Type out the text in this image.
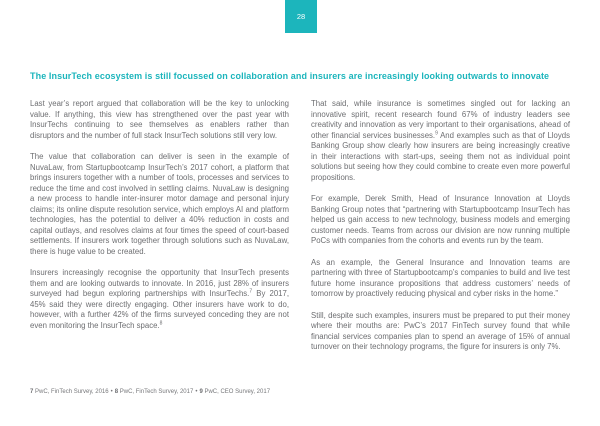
28
The InsurTech ecosystem is still focussed on collaboration and insurers are increasingly looking outwards to innovate

Last year’s report argued that collaboration will be the key to unlocking value. If anything, this view has strengthened over the past year with InsurTechs continuing to see themselves as enablers rather than disruptors and the number of full stack InsurTech solutions still very low.

The value that collaboration can deliver is seen in the example of NuvaLaw, from Startupbootcamp InsurTech’s 2017 cohort, a platform that brings insurers together with a number of tools, processes and services to reduce the time and cost involved in settling claims. NuvaLaw is designing a new process to handle inter-insurer motor damage and personal injury claims; its online dispute resolution service, which employs AI and platform technologies, has the potential to deliver a 40% reduction in costs and capital outlays, and resolves claims at four times the speed of court-based settlements. If insurers work together through solutions such as NuvaLaw, there is huge value to be created.

Insurers increasingly recognise the opportunity that InsurTech presents them and are looking outwards to innovate. In 2016, just 28% of insurers surveyed had begun exploring partnerships with InsurTechs.$^7$ By 2017, 45% said they were directly engaging. Other insurers have work to do, however, with a further 42% of the firms surveyed conceding they are not even monitoring the InsurTech space.$^8$

That said, while insurance is sometimes singled out for lacking an innovative spirit, recent research found 67% of industry leaders see creativity and innovation as very important to their organisations, ahead of other financial services businesses.$^9$ And examples such as that of Lloyds Banking Group show clearly how insurers are being increasingly creative in their interactions with start-ups, seeing them not as individual point solutions but seeing how they could combine to create even more powerful propositions.

For example, Derek Smith, Head of Insurance Innovation at Lloyds Banking Group notes that “partnering with Startupbootcamp InsurTech has helped us gain access to new technology, business models and emerging customer needs. Teams from across our division are now running multiple PoCs with companies from the cohorts and events run by the team.

As an example, the General Insurance and Innovation teams are partnering with three of Startupbootcamp’s companies to build and live test future home insurance propositions that address customers’ needs of tomorrow by proactively reducing physical and cyber risks in the home.”

Still, despite such examples, insurers must be prepared to put their money where their mouths are: PwC’s 2017 FinTech survey found that while financial services companies plan to spend an average of 15% of annual turnover on their technology programs, the figure for insurers is only 7%.

7 PwC, FinTech Survey, 2016 • 8 PwC, FinTech Survey, 2017 • 9 PwC, CEO Survey, 2017
